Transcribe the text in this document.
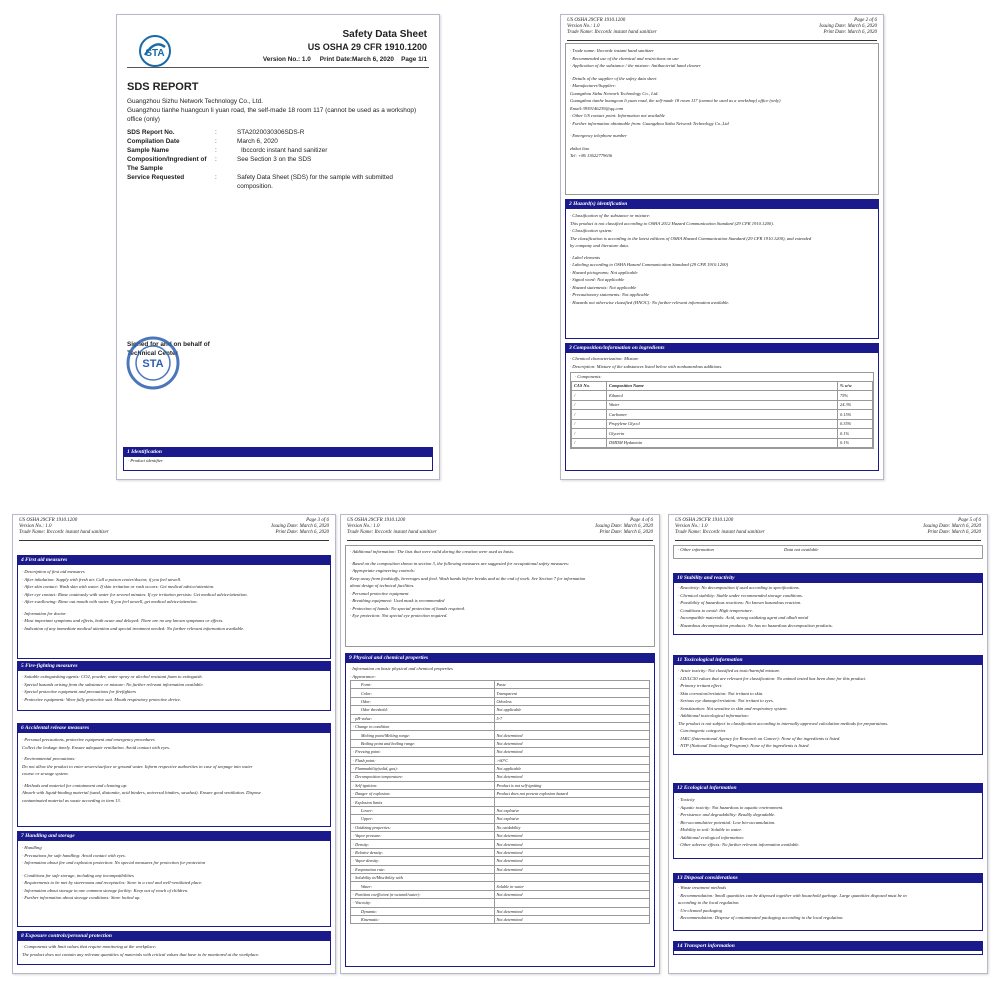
STA
Safety Data Sheet
US OSHA 29 CFR 1910.1200
Version No.: 1.0 Print Date:March 6, 2020 Page 1/1
SDS REPORT
Guangzhou Sizhu Network Technology Co., Ltd.
Guangzhou tianhe huangcun li yuan road, the self-made 18 room 117 (cannot be used as a workshop) office (only)
SDS Report No.	:	STA2020030306SDS-R
Compilation Date	:	March 6, 2020
Sample Name	:	Ibccordc instant hand sanitizer
Composition/Ingredient of The Sample
:	See Section 3 on the SDS
Service Requested	:	Safety Data Sheet (SDS) for the sample with submitted composition.
Signed for and on behalf of Technical Center
STA
1 Identification
· Product identifier
US OSHA 29CFR 1910.1200
Version No.: 1.0
Trade Name: Ibccordc instant hand sanitizer
Page 2 of 6
Issuing Date: March 6, 2020
Print Date: March 6, 2020
· Trade name: Ibccordc instant hand sanitizer
· Recommended use of the chemical and restrictions on use
· Application of the substance / the mixture: Antibacterial hand cleaner
· Details of the supplier of the safety data sheet
· Manufacturer/Supplier:
Guangzhou Sizhu Network Technology Co., Ltd.
Guangzhou tianhe huangcun li yuan road, the self-made 18 room 117 (cannot be used as a workshop) office (only)
Email:3959146239@qq.com
· Other US contact point: Information not available
· Further information obtainable from: Guangzhou Sizhu Network Technology Co.,Ltd
· Emergency telephone number
zhikai liao
Tel: +86 13622779636
2 Hazard(s) identification
· Classification of the substance or mixture:
This product is not classified according to OSHA 2012 Hazard Communication Standard (29 CFR 1910.1200).
· Classification system:
The classification is according to the latest editions of OSHA Hazard Communication Standard (29 CFR 1910.1200), and extended
by company and literature data.
· Label elements
· Labeling according to OSHA Hazard Communication Standard (29 CFR 1910.1200)
· Hazard pictograms: Not applicable
· Signal word: Not applicable
· Hazard statements: Not applicable
· Precautionary statements: Not applicable
· Hazards not otherwise classified (HNOC): No further relevant information available.
3 Composition/information on ingredients
· Chemical characterization: Mixture
· Description: Mixture of the substances listed below with nonhazardous additions.
· Components:
CAS No.	Composition Name	% w/w
/	Ethanol	75%
/	Water	24.3%
/	Carbomer	0.15%
/	Propylene Glycol	0.35%
/	Glycerin	0.1%
/	DMDM Hydantoin	0.1%
US OSHA 29CFR 1910.1200
Version No.: 1.0
Trade Name: Ibccordc instant hand sanitizer
Page 3 of 6
Issuing Date: March 6, 2020
Print Date: March 6, 2020
4 First aid measures
· Description of first aid measures
· After inhalation: Supply with fresh air. Call a poison center/doctor, if you feel unwell.
· After skin contact: Wash skin with water. If skin irritation or rash occurs: Get medical advice/attention.
· After eye contact: Rinse cautiously with water for several minutes. If eye irritation persists: Get medical advice/attention.
· After swallowing: Rinse out mouth with water. If you feel unwell, get medical advice/attention.
· Information for doctor
· Most important symptoms and effects, both acute and delayed: There are no any known symptoms or effects.
· Indication of any immediate medical attention and special treatment needed: No further relevant information available.
5 Fire-fighting measures
· Suitable extinguishing agents: CO2, powder, water spray or alcohol resistant foam to extinguish.
· Special hazards arising from the substance or mixture: No further relevant information available.
· Special protective equipment and precautions for firefighters
· Protective equipment: Wear fully protective suit. Mouth respiratory protective device.
6 Accidental release measures
· Personal precautions, protective equipment and emergency procedures
Collect the leakage timely. Ensure adequate ventilation. Avoid contact with eyes.
· Environmental precautions:
Do not allow the product to enter sewers/surface or ground water. Inform respective authorities in case of seepage into water
course or sewage system.
· Methods and material for containment and cleaning up:
Absorb with liquid-binding material (sand, diatomite, acid binders, universal binders, sawdust). Ensure good ventilation. Dispose
contaminated material as waste according to item 13.
7 Handling and storage
· Handling
· Precautions for safe handling: Avoid contact with eyes.
· Information about fire and explosion protection: No special measures for protection for protection
· Conditions for safe storage, including any incompatibilities
· Requirements to be met by storerooms and receptacles: Store in a cool and well-ventilated place.
· Information about storage in one common storage facility: Keep out of reach of children.
· Further information about storage conditions: Store locked up.
8 Exposure controls/personal protection
· Components with limit values that require monitoring at the workplace:
The product does not contain any relevant quantities of materials with critical values that have to be monitored at the workplace.
US OSHA 29CFR 1910.1200
Version No.: 1.0
Trade Name: Ibccordc instant hand sanitizer
Page 4 of 6
Issuing Date: March 6, 2020
Print Date: March 6, 2020
· Additional information: The lists that were valid during the creation were used as basis.
· Based on the composition shown in section 3, the following measures are suggested for occupational safety measures:
· Appropriate engineering controls:
Keep away from foodstuffs, beverages and feed. Wash hands before breaks and at the end of work. See Section 7 for information
about design of technical facilities.
· Personal protective equipment
· Breathing equipment: Used mask is recommended
· Protection of hands: No special protection of hands required.
· Eye protection: Not special eye protection required.
9 Physical and chemical properties
· Information on basic physical and chemical properties
· Appearance:
Form:	Paste
Color:	Transparent
Odor:	Odorless
Odor threshold:	Not applicable
· pH-value:	5-7
· Change in condition	
Melting point/Melting range:	Not determined
Boiling point and boiling range:	Not determined
· Freezing point:	Not determined
· Flash point:	>60°C
· Flammability(solid, gas):	Not applicable
· Decomposition temperature:	Not determined
· Self-ignition:	Product is not self-igniting
· Danger of explosion:	Product does not present explosion hazard
· Explosion limits	
Lower:	Not explosive
Upper:	Not explosive
· Oxidizing properties:	No oxidability
· Vapor pressure:	Not determined
· Density:	Not determined
· Relative density:	Not determined
· Vapor density:	Not determined
· Evaporation rate:	Not determined
· Solubility in/Miscibility with	
Water:	Soluble in water
· Partition coefficient (n-octanol/water):	Not determined
· Viscosity:	
Dynamic:	Not determined
Kinematic:	Not determined
US OSHA 29CFR 1910.1200
Version No.: 1.0
Trade Name: Ibccordc instant hand sanitizer
Page 5 of 6
Issuing Date: March 6, 2020
Print Date: March 6, 2020
· Other information	Data not available
10 Stability and reactivity
· Reactivity: No decomposition if used according to specifications.
· Chemical stability: Stable under recommended storage conditions.
· Possibility of hazardous reactions: No known hazardous reaction.
· Conditions to avoid: High temperature.
· Incompatible materials: Acid, strong oxidizing agent and alkali metal
· Hazardous decomposition products: No has no hazardous decomposition products.
11 Toxicological information
· Acute toxicity: Not classified as toxic/harmful mixture.
· LD/LC50 values that are relevant for classification: No animal tested has been done for this product.
· Primary irritant effect:
· Skin corrosion/irritation: Not irritant to skin.
· Serious eye damage/irritation: Not irritant to eyes.
· Sensitization: Not sensitive to skin and respiratory system.
· Additional toxicological information:
The product is not subject to classification according to internally approved calculation methods for preparations.
· Carcinogenic categories
· IARC (International Agency for Research on Cancer): None of the ingredients is listed.
· NTP (National Toxicology Program): None of the ingredients is listed.
12 Ecological information
· Toxicity
· Aquatic toxicity: Not hazardous to aquatic environment.
· Persistence and degradability: Readily degradable.
· Bio-accumulative potential: Low bio-accumulation.
· Mobility in soil: Soluble in water.
· Additional ecological information:
· Other adverse effects: No further relevant information available.
13 Disposal considerations
· Waste treatment methods
· Recommendation: Small quantities can be disposed together with household garbage. Large quantities disposed must be in
according to the local regulation.
· Un-cleaned packaging
· Recommendation: Dispose of contaminated packaging according to the local regulation.
14 Transport information
